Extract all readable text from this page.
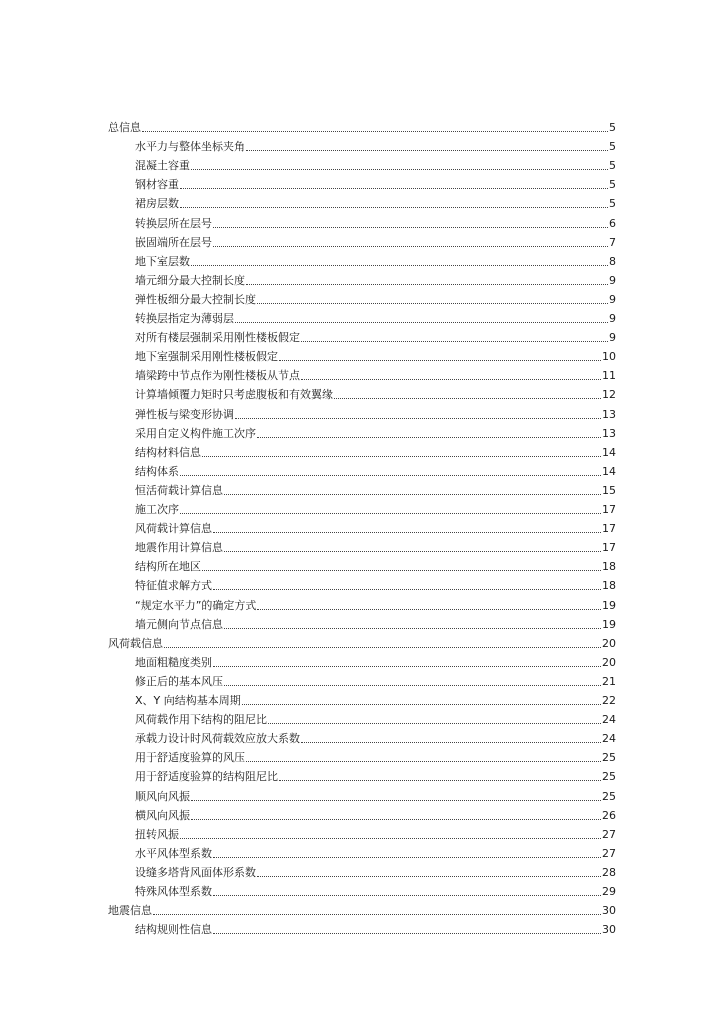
总信息	5
水平力与整体坐标夹角	5
混凝土容重	5
钢材容重	5
裙房层数	5
转换层所在层号	6
嵌固端所在层号	7
地下室层数	8
墙元细分最大控制长度	9
弹性板细分最大控制长度	9
转换层指定为薄弱层	9
对所有楼层强制采用刚性楼板假定	9
地下室强制采用刚性楼板假定	10
墙梁跨中节点作为刚性楼板从节点	11
计算墙倾覆力矩时只考虑腹板和有效翼缘	12
弹性板与梁变形协调	13
采用自定义构件施工次序	13
结构材料信息	14
结构体系	14
恒活荷载计算信息	15
施工次序	17
风荷载计算信息	17
地震作用计算信息	17
结构所在地区	18
特征值求解方式	18
“规定水平力”的确定方式	19
墙元侧向节点信息	19
风荷载信息	20
地面粗糙度类别	20
修正后的基本风压	21
X、Y 向结构基本周期	22
风荷载作用下结构的阻尼比	24
承载力设计时风荷载效应放大系数	24
用于舒适度验算的风压	25
用于舒适度验算的结构阻尼比	25
顺风向风振	25
横风向风振	26
扭转风振	27
水平风体型系数	27
设缝多塔背风面体形系数	28
特殊风体型系数	29
地震信息	30
结构规则性信息	30
